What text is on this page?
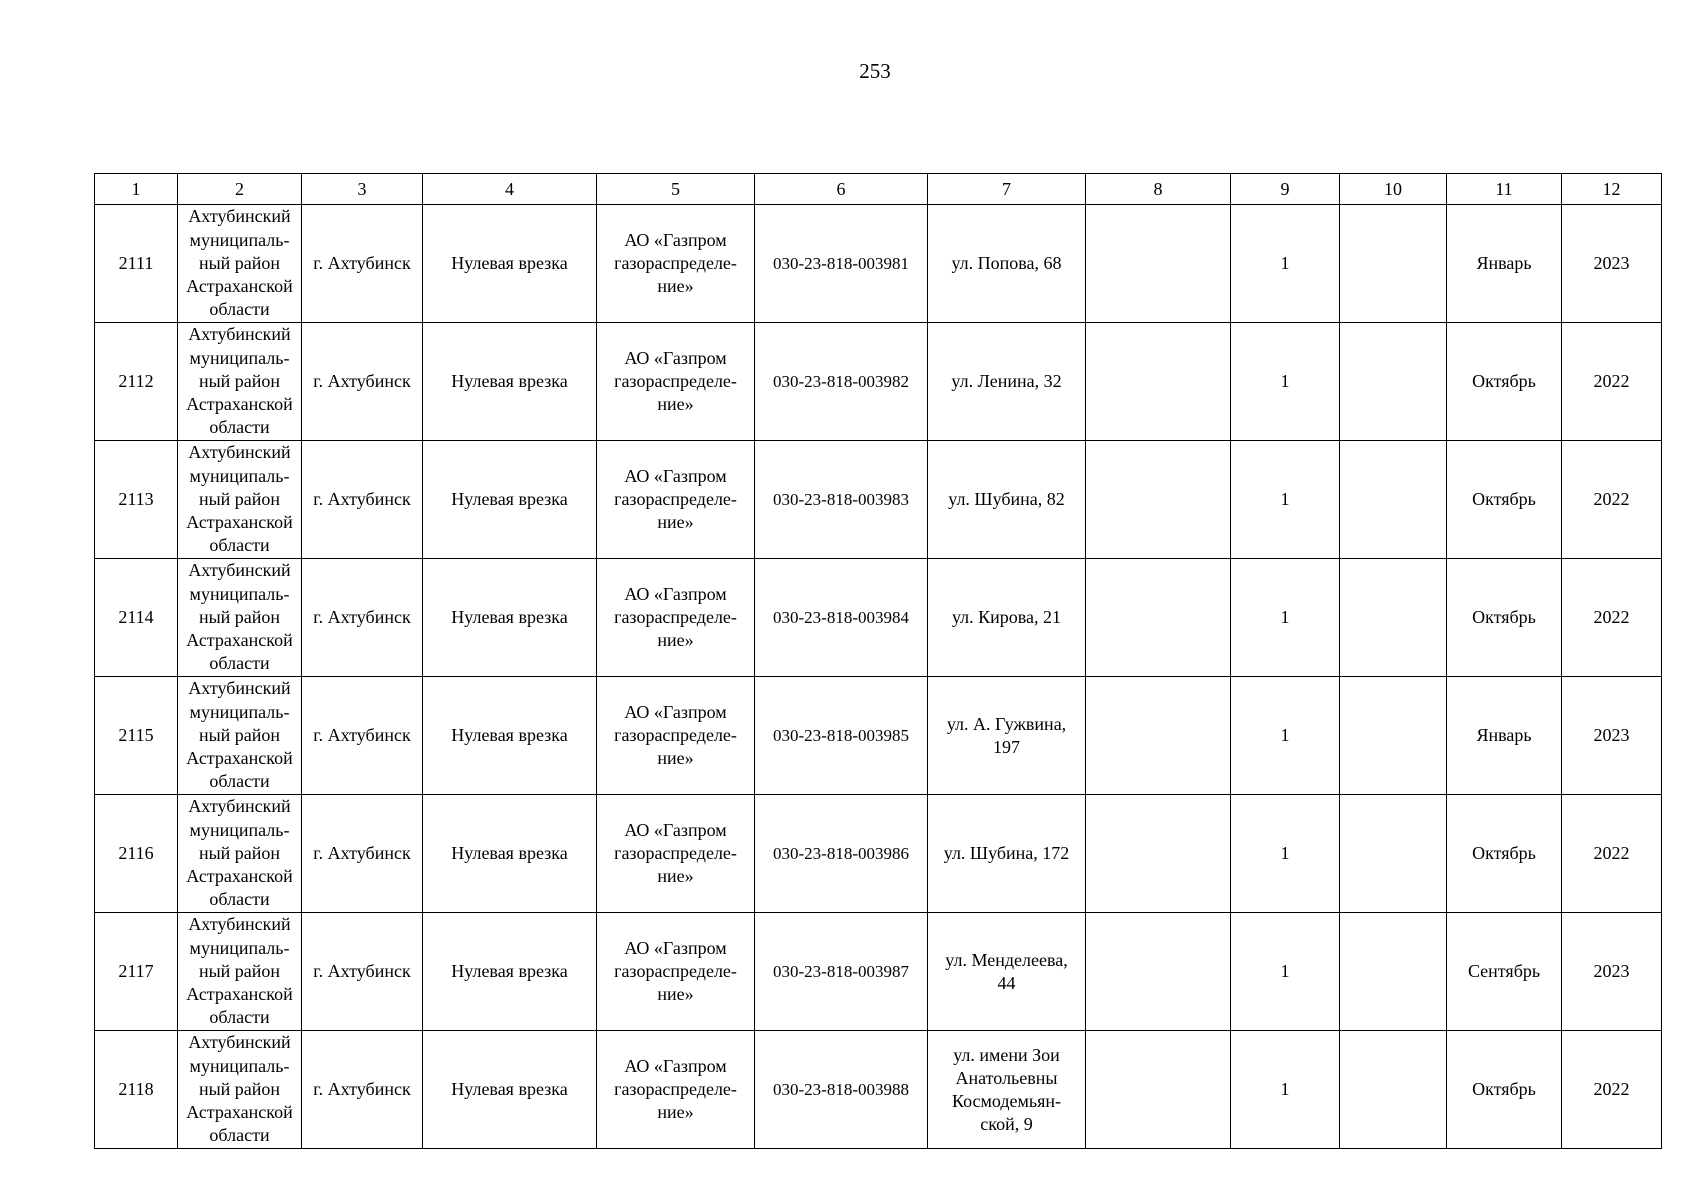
253
1	2	3	4	5	6	7	8	9	10	11	12
2111	Ахтубинский
муниципаль-
ный район
Астраханской
области	г. Ахтубинск	Нулевая врезка	АО «Газпром
газораспределе-
ние»	030-23-818-003981	ул. Попова, 68		1		Январь	2023
2112	Ахтубинский
муниципаль-
ный район
Астраханской
области	г. Ахтубинск	Нулевая врезка	АО «Газпром
газораспределе-
ние»	030-23-818-003982	ул. Ленина, 32		1		Октябрь	2022
2113	Ахтубинский
муниципаль-
ный район
Астраханской
области	г. Ахтубинск	Нулевая врезка	АО «Газпром
газораспределе-
ние»	030-23-818-003983	ул. Шубина, 82		1		Октябрь	2022
2114	Ахтубинский
муниципаль-
ный район
Астраханской
области	г. Ахтубинск	Нулевая врезка	АО «Газпром
газораспределе-
ние»	030-23-818-003984	ул. Кирова, 21		1		Октябрь	2022
2115	Ахтубинский
муниципаль-
ный район
Астраханской
области	г. Ахтубинск	Нулевая врезка	АО «Газпром
газораспределе-
ние»	030-23-818-003985	ул. А. Гужвина,
197		1		Январь	2023
2116	Ахтубинский
муниципаль-
ный район
Астраханской
области	г. Ахтубинск	Нулевая врезка	АО «Газпром
газораспределе-
ние»	030-23-818-003986	ул. Шубина, 172		1		Октябрь	2022
2117	Ахтубинский
муниципаль-
ный район
Астраханской
области	г. Ахтубинск	Нулевая врезка	АО «Газпром
газораспределе-
ние»	030-23-818-003987	ул. Менделеева,
44		1		Сентябрь	2023
2118	Ахтубинский
муниципаль-
ный район
Астраханской
области	г. Ахтубинск	Нулевая врезка	АО «Газпром
газораспределе-
ние»	030-23-818-003988	ул. имени Зои
Анатольевны
Космодемьян-
ской, 9		1		Октябрь	2022
